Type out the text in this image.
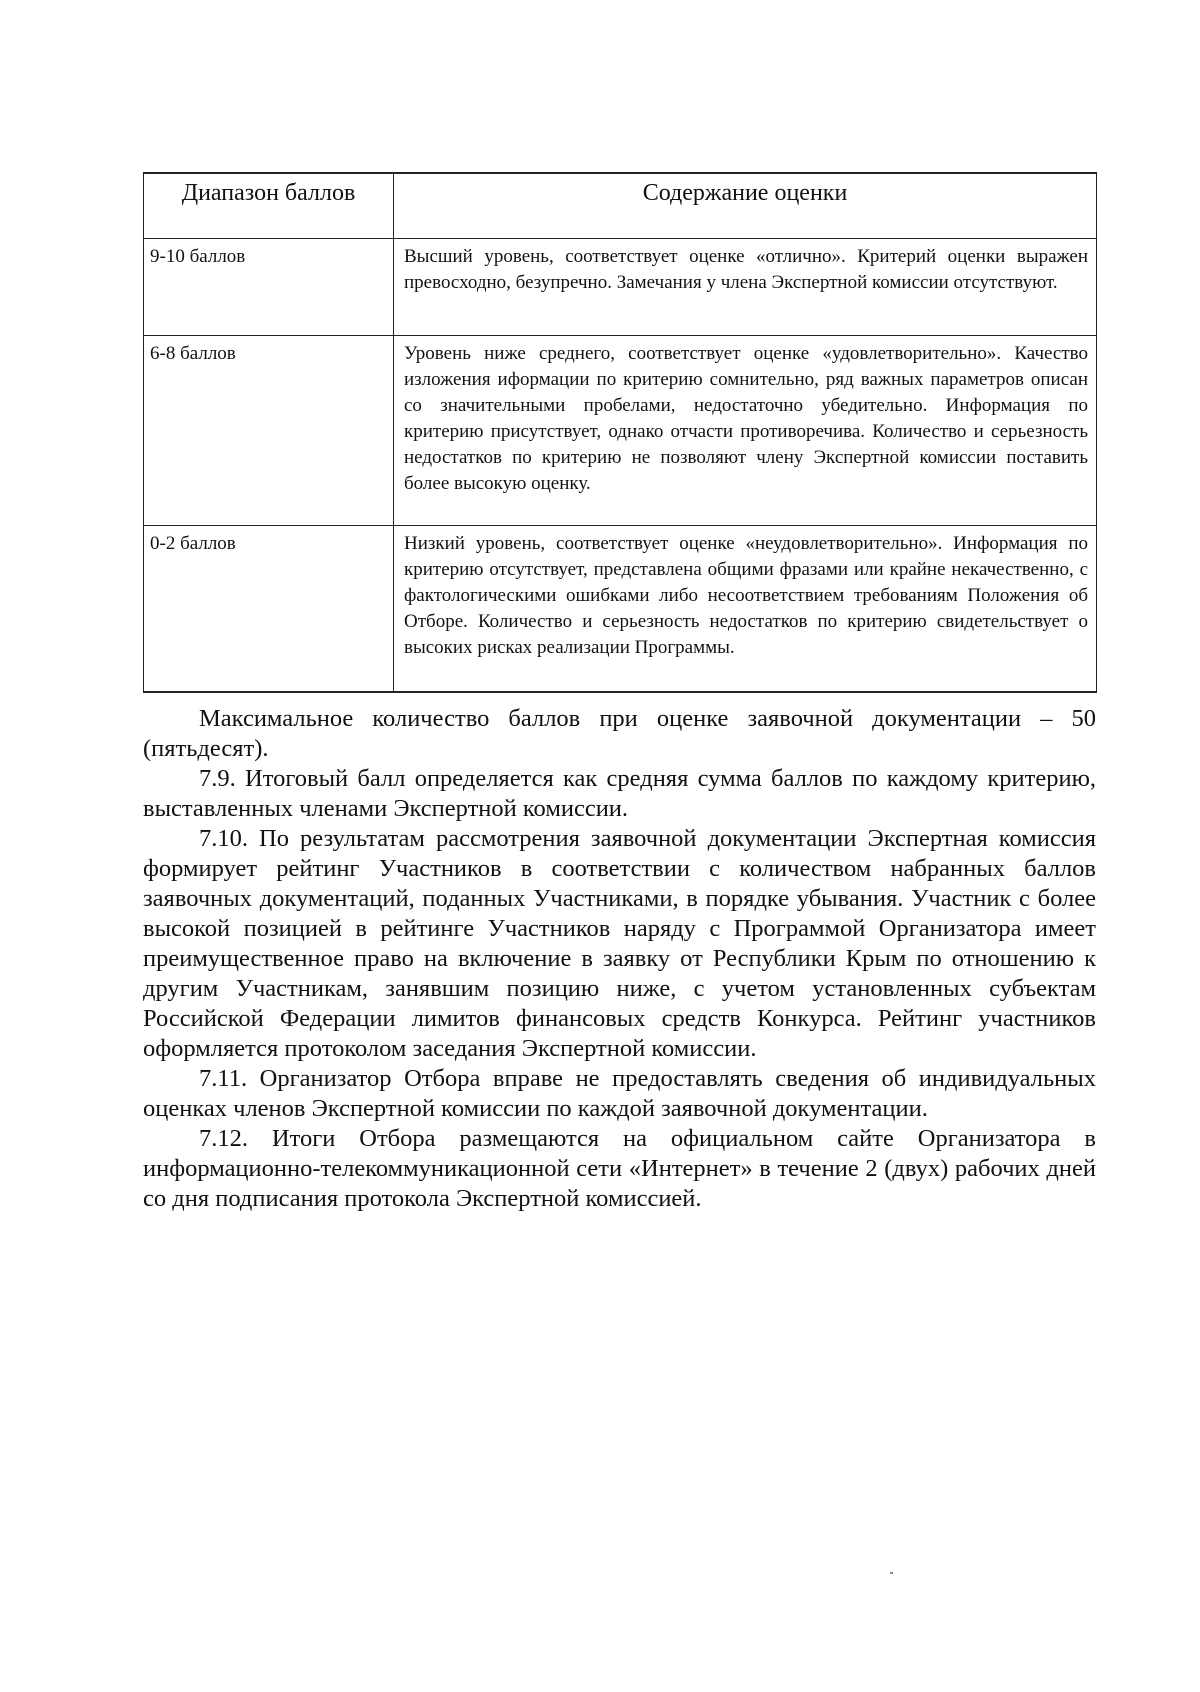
Диапазон баллов	Содержание оценки
9-10 баллов	Высший уровень, соответствует оценке «отлично». Критерий оценки выражен превосходно, безупречно. Замечания у члена Экспертной комиссии отсутствуют.
6-8 баллов	Уровень ниже среднего, соответствует оценке «удовлетворительно». Качество изложения иформации по критерию сомнительно, ряд важных параметров описан со значительными пробелами, недостаточно убедительно. Информация по критерию присутствует, однако отчасти противоречива. Количество и серьезность недостатков по критерию не позволяют члену Экспертной комиссии поставить более высокую оценку.
0-2 баллов	Низкий уровень, соответствует оценке «неудовлетворительно». Информация по критерию отсутствует, представлена общими фразами или крайне некачественно, с фактологическими ошибками либо несоответствием требованиям Положения об Отборе. Количество и серьезность недостатков по критерию свидетельствует о высоких рисках реализации Программы.

Максимальное количество баллов при оценке заявочной документации – 50 (пятьдесят).

7.9. Итоговый балл определяется как средняя сумма баллов по каждому критерию, выставленных членами Экспертной комиссии.

7.10. По результатам рассмотрения заявочной документации Экспертная комиссия формирует рейтинг Участников в соответствии с количеством набранных баллов заявочных документаций, поданных Участниками, в порядке убывания. Участник с более высокой позицией в рейтинге Участников наряду с Программой Организатора имеет преимущественное право на включение в заявку от Республики Крым по отношению к другим Участникам, занявшим позицию ниже, с учетом установленных субъектам Российской Федерации лимитов финансовых средств Конкурса. Рейтинг участников оформляется протоколом заседания Экспертной комиссии.

7.11. Организатор Отбора вправе не предоставлять сведения об индивидуальных оценках членов Экспертной комиссии по каждой заявочной документации.

7.12. Итоги Отбора размещаются на официальном сайте Организатора в информационно-телекоммуникационной сети «Интернет» в течение 2 (двух) рабочих дней со дня подписания протокола Экспертной комиссией.
